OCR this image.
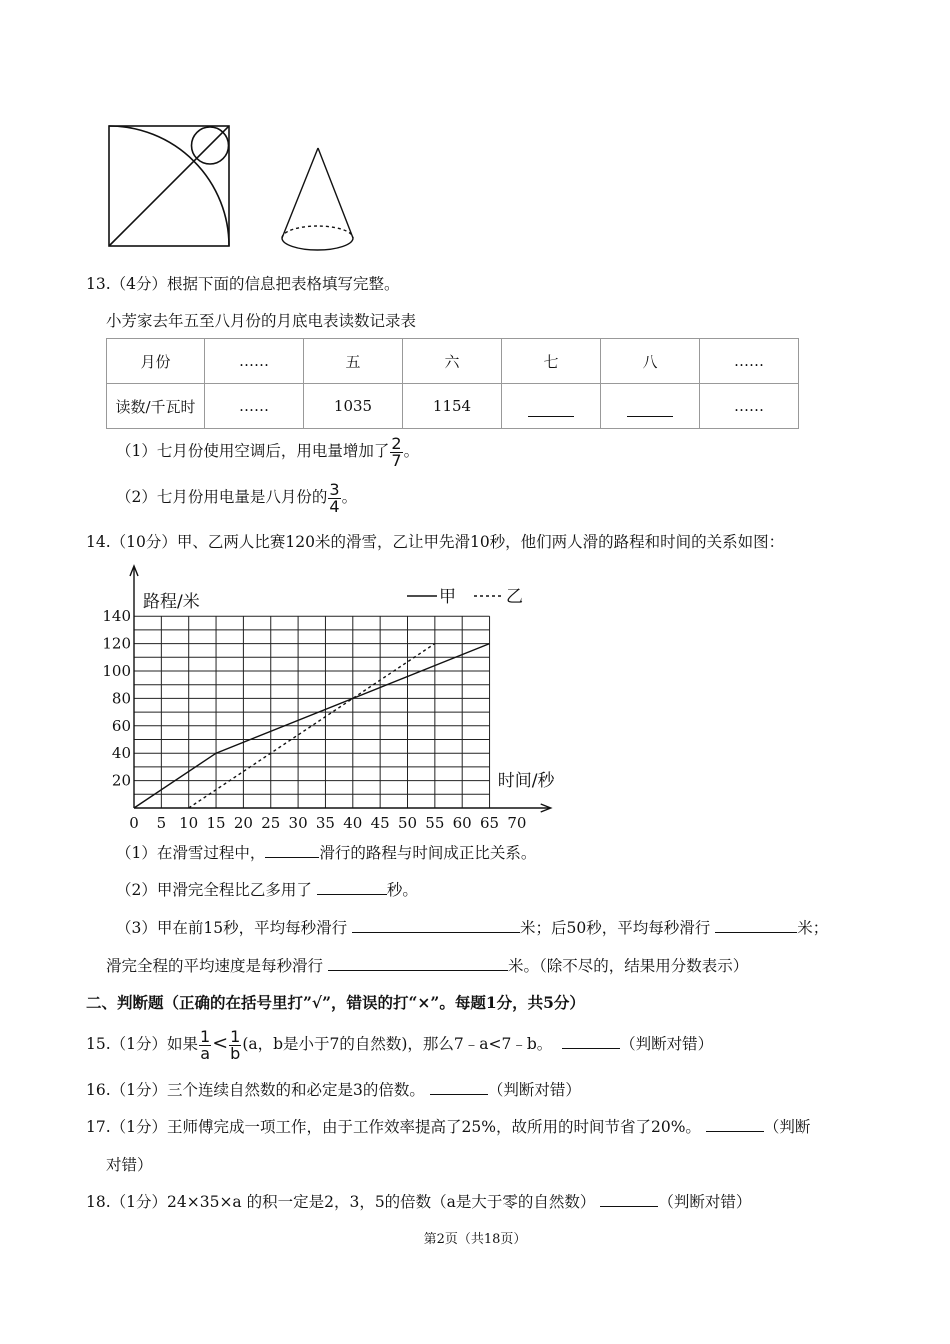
13.（4分）根据下面的信息把表格填写完整。
小芳家去年五至八月份的月底电表读数记录表
月份	……	五	六	七	八	……
读数/千瓦时	……	1035	1154			……
（1）七月份使用空调后，用电量增加了 $\frac{2}{7}$ 。
（2）七月份用电量是八月份的 $\frac{3}{4}$ 。
14.（10分）甲、乙两人比赛120米的滑雪，乙让甲先滑10秒，他们两人滑的路程和时间的关系如图：
0 5 10 15 20 25 30 35 40 45 50 55 60 65 70
20
40
60
80
100
120
140
路程/米
时间/秒
甲	乙
（1）在滑雪过程中，	滑行的路程与时间成正比关系。
（2）甲滑完全程比乙多用了	秒。
（3）甲在前15秒，平均每秒滑行	米；后50秒，平均每秒滑行	米；
滑完全程的平均速度是每秒滑行	米。（除不尽的，结果用分数表示）
二、判断题（正确的在括号里打”√”，错误的打“×”。每题1分，共5分）
15.（1分）如果 $\frac{1}{a} < \frac{1}{b} (a$，b是小于7的自然数)，那么7﹣a<7﹣b。	（判断对错）
16.（1分）三个连续自然数的和必定是3的倍数。	（判断对错）
17.（1分）王师傅完成一项工作，由于工作效率提高了25%，故所用的时间节省了20%。	（判断
对错）
18.（1分）24×35×a 的积一定是2，3，5的倍数（a是大于零的自然数）	（判断对错）
第2页（共18页）
